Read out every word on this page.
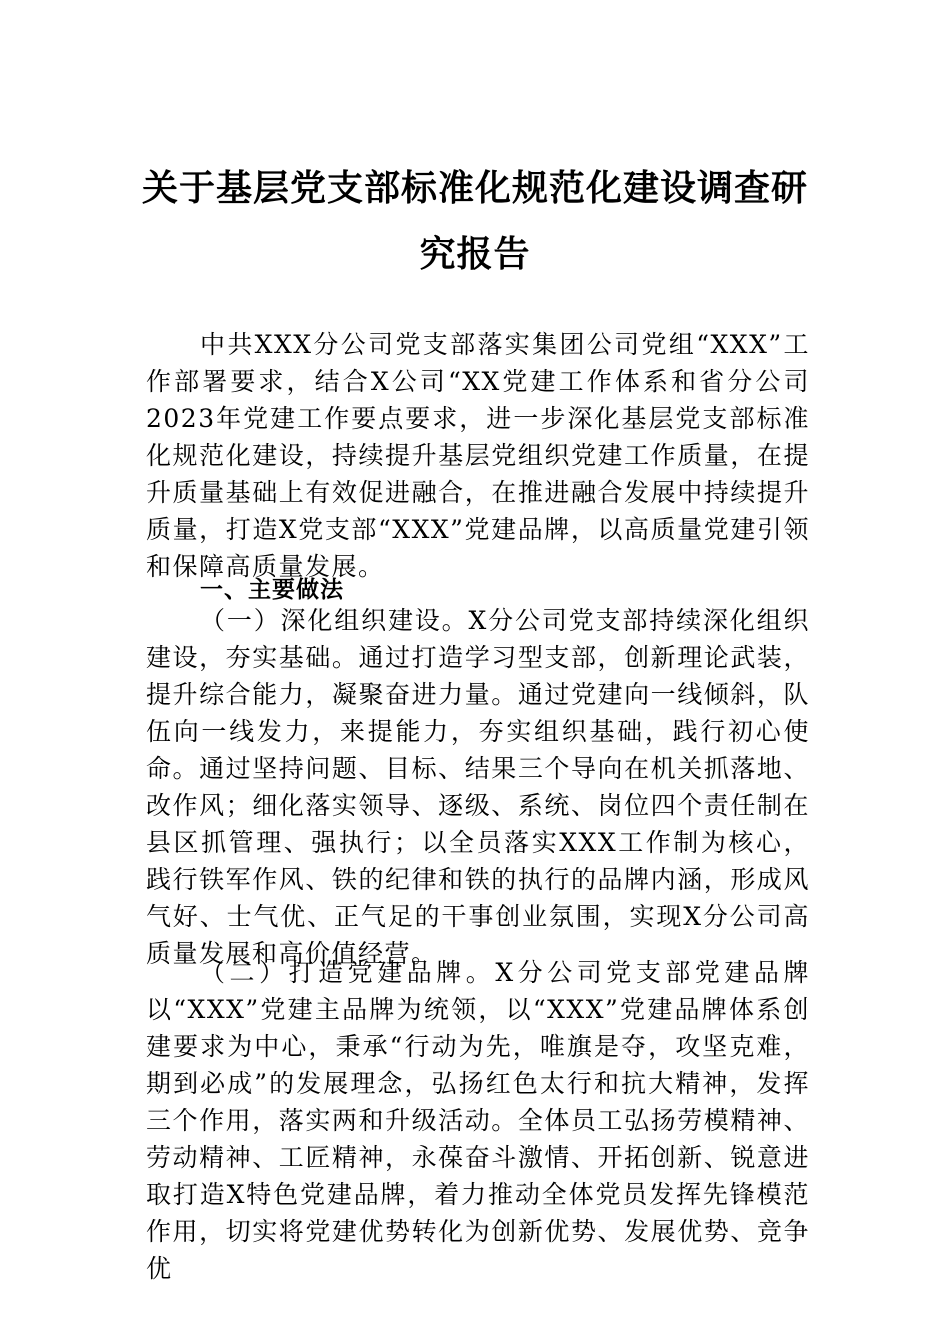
关于基层党支部标准化规范化建设调查研
究报告
中共XXX分公司党支部落实集团公司党组“XXX”工作部署要求，结合X公司“XX党建工作体系和省分公司2023年党建工作要点要求，进一步深化基层党支部标准化规范化建设，持续提升基层党组织党建工作质量，在提升质量基础上有效促进融合，在推进融合发展中持续提升质量，打造X党支部“XXX”党建品牌，以高质量党建引领和保障高质量发展。
一、主要做法
（一）深化组织建设。X分公司党支部持续深化组织建设，夯实基础。通过打造学习型支部，创新理论武装，提升综合能力，凝聚奋进力量。通过党建向一线倾斜，队伍向一线发力，来提能力，夯实组织基础，践行初心使命。通过坚持问题、目标、结果三个导向在机关抓落地、改作风；细化落实领导、逐级、系统、岗位四个责任制在县区抓管理、强执行；以全员落实XXX工作制为核心，践行铁军作风、铁的纪律和铁的执行的品牌内涵，形成风气好、士气优、正气足的干事创业氛围，实现X分公司高质量发展和高价值经营。
（二）打造党建品牌。X分公司党支部党建品牌以“XXX”党建主品牌为统领，以“XXX”党建品牌体系创建要求为中心，秉承“行动为先，唯旗是夺，攻坚克难，期到必成”的发展理念，弘扬红色太行和抗大精神，发挥三个作用，落实两和升级活动。全体员工弘扬劳模精神、劳动精神、工匠精神，永葆奋斗激情、开拓创新、锐意进取打造X特色党建品牌，着力推动全体党员发挥先锋模范作用，切实将党建优势转化为创新优势、发展优势、竞争优
